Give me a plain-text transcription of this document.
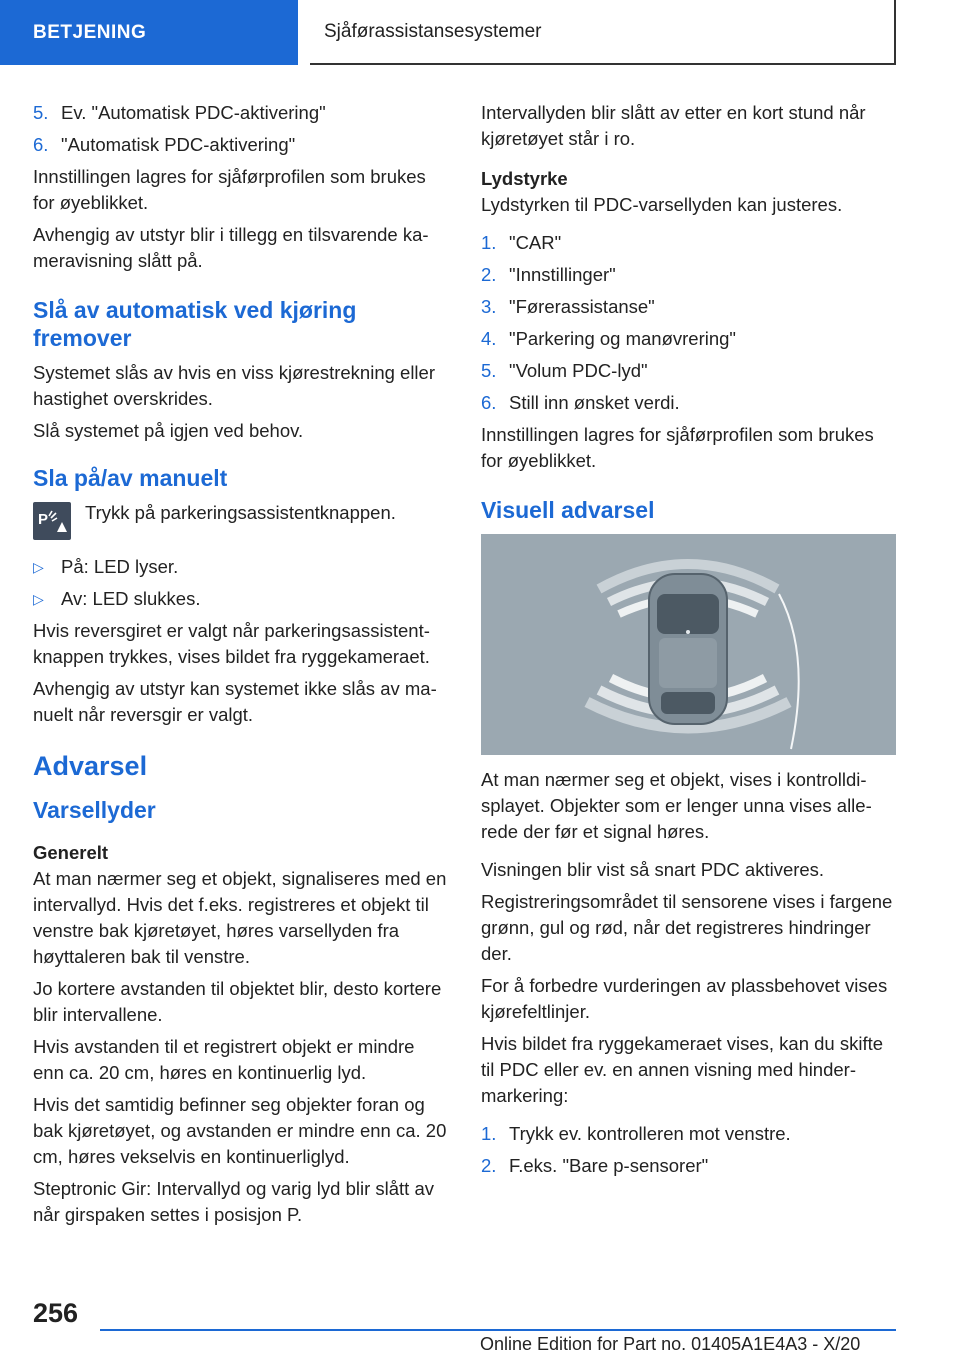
BETJENING	Sjåførassistansesystemer
5. Ev. "Automatisk PDC-aktivering"
6. "Automatisk PDC-aktivering"

Innstillingen lagres for sjåførprofilen som brukes for øyeblikket.

Avhengig av utstyr blir i tillegg en tilsvarende kameravisning slått på.

Slå av automatisk ved kjøring fremover

Systemet slås av hvis en viss kjørestrekning eller hastighet overskrides.

Slå systemet på igjen ved behov.

Sla på/av manuelt
P Trykk på parkeringsassistentknappen.
▷ På: LED lyser.
▷ Av: LED slukkes.

Hvis reversgiret er valgt når parkeringsassistentknappen trykkes, vises bildet fra ryggekameraet.

Avhengig av utstyr kan systemet ikke slås av manuelt når reversgir er valgt.

Advarsel
Varsellyder
Generelt

At man nærmer seg et objekt, signaliseres med en intervallyd. Hvis det f.eks. registreres et objekt til venstre bak kjøretøyet, høres varsellyden fra høyttaleren bak til venstre.

Jo kortere avstanden til objektet blir, desto kortere blir intervallene.

Hvis avstanden til et registrert objekt er mindre enn ca. 20 cm, høres en kontinuerlig lyd.

Hvis det samtidig befinner seg objekter foran og bak kjøretøyet, og avstanden er mindre enn ca. 20 cm, høres vekselvis en kontinuerliglyd.

Steptronic Gir: Intervallyd og varig lyd blir slått av når girspaken settes i posisjon P.

Intervallyden blir slått av etter en kort stund når kjøretøyet står i ro.

Lydstyrke

Lydstyrken til PDC-varsellyden kan justeres.

1. "CAR"
2. "Innstillinger"
3. "Førerassistanse"
4. "Parkering og manøvrering"
5. "Volum PDC-lyd"
6. Still inn ønsket verdi.

Innstillingen lagres for sjåførprofilen som brukes for øyeblikket.

Visuell advarsel

At man nærmer seg et objekt, vises i kontrolldisplayet. Objekter som er lenger unna vises allerede der før et signal høres.

Visningen blir vist så snart PDC aktiveres.

Registreringsområdet til sensorene vises i fargene grønn, gul og rød, når det registreres hindringer der.

For å forbedre vurderingen av plassbehovet vises kjørefeltlinjer.

Hvis bildet fra ryggekameraet vises, kan du skifte til PDC eller ev. en annen visning med hindermarkering:

1. Trykk ev. kontrolleren mot venstre.
2. F.eks. "Bare p-sensorer"
256
Online Edition for Part no. 01405A1E4A3 - X/20
